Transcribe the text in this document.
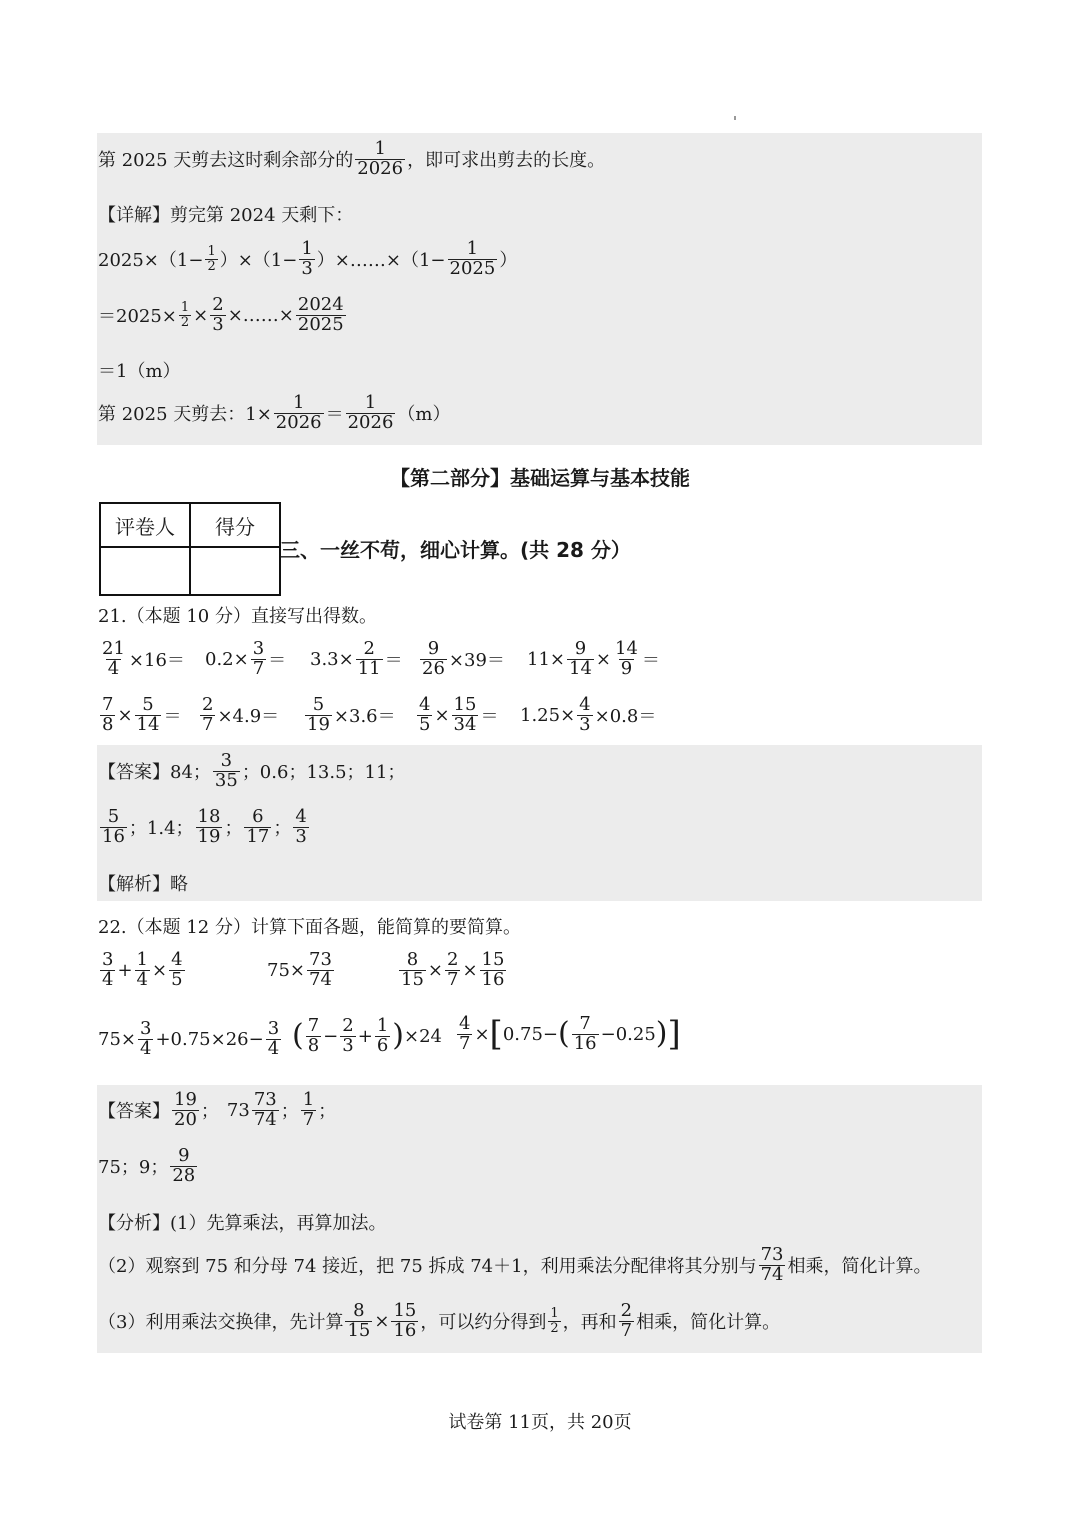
第 2025 天剪去这时剩余部分的 $\frac{1}{2026}$ ，即可求出剪去的长度。
【详解】剪完第 2024 天剩下：
$2025\times(1- \frac{1}{2} )\times(1- \frac{1}{3}$ ）×……×（1− $\frac{1}{2025}$ ）
$=2025\times \frac{1}{2} \times \frac{2}{3}$ ×……× $\frac{2024}{2025}$
＝1（m）
第 2025 天剪去：$1\times \frac{1}{2026} = \frac{1}{2026} (m)$
【第二部分】基础运算与基本技能
评卷人	得分

三、一丝不苟，细心计算。(共 28 分）
21.（本题 10 分）直接写出得数。
$\frac{21}{4} \times 16= 0.2\times \frac{3}{7} = 3.3\times \frac{2}{11} = \frac{9}{26} \times 39= 11\times \frac{9}{14} \times \frac{14}{9}$ ＝
$\frac{7}{8} \times \frac{5}{14} = \frac{2}{7} \times 4.9= \frac{5}{19} \times 3.6= \frac{4}{5} \times \frac{15}{34} = 1.25\times \frac{4}{3} \times 0.8=$
【答案】 84； $\frac{3}{35}$ ；0.6；13.5；11；
$\frac{5}{16}$ ；1.4； $\frac{18}{19}$ ； $\frac{6}{17}$ ； $\frac{4}{3}$
【解析】略
22.（本题 12 分）计算下面各题，能简算的要简算。
$\frac{3}{4} + \frac{1}{4} \times \frac{4}{5}$	$75\times \frac{73}{74}$	$\frac{8}{15} \times \frac{2}{7} \times \frac{15}{16}$
$75\times \frac{3}{4} +0.75\times 26- \frac{3}{4}$ ( $\frac{7}{8} - \frac{2}{3} + \frac{1}{6}$ ) $\times 24 \frac{4}{7}$ × [ 0.75− ( $\frac{7}{16} -0.25$ ) ]
【答案】 $\frac{19}{20}$ ； $73 \frac{73}{74}$ ； $\frac{1}{7}$ ；
75；9； $\frac{9}{28}$
【分析】(1）先算乘法，再算加法。
（2）观察到 75 和分母 74 接近，把 75 拆成 74＋1，利用乘法分配律将其分别与 $\frac{73}{74}$ 相乘，简化计算。
（3）利用乘法交换律，先计算 $\frac{8}{15} \times \frac{15}{16}$ ，可以约分得到 $\frac{1}{2}$ ，再和 $\frac{2}{7}$ 相乘，简化计算。
试卷第 11页，共 20页
